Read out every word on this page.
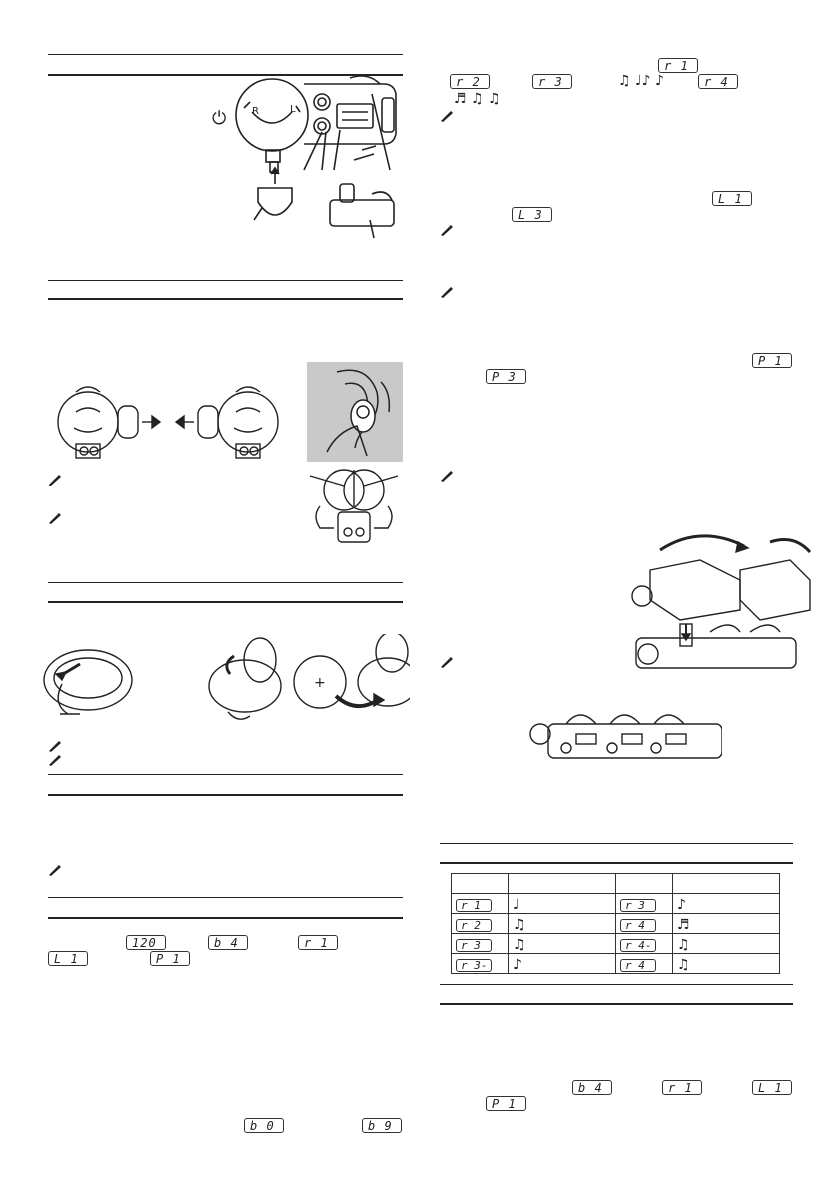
⏻	R	L
+
120	b 4	r 1
L 1	P 1
b 0	b 9
r 1
r 2	r 3	♫ ♩♪ ♪	r 4
♬ ♫ ♫
L 1
L 3
P 1
P 3

r 1	♩	r 3_	♪
r 2	♫	r 4	♬
r 3	♫	r 4-	♫
r 3-	♪	r 4_	♫
b 4	r 1	L 1
P 1
